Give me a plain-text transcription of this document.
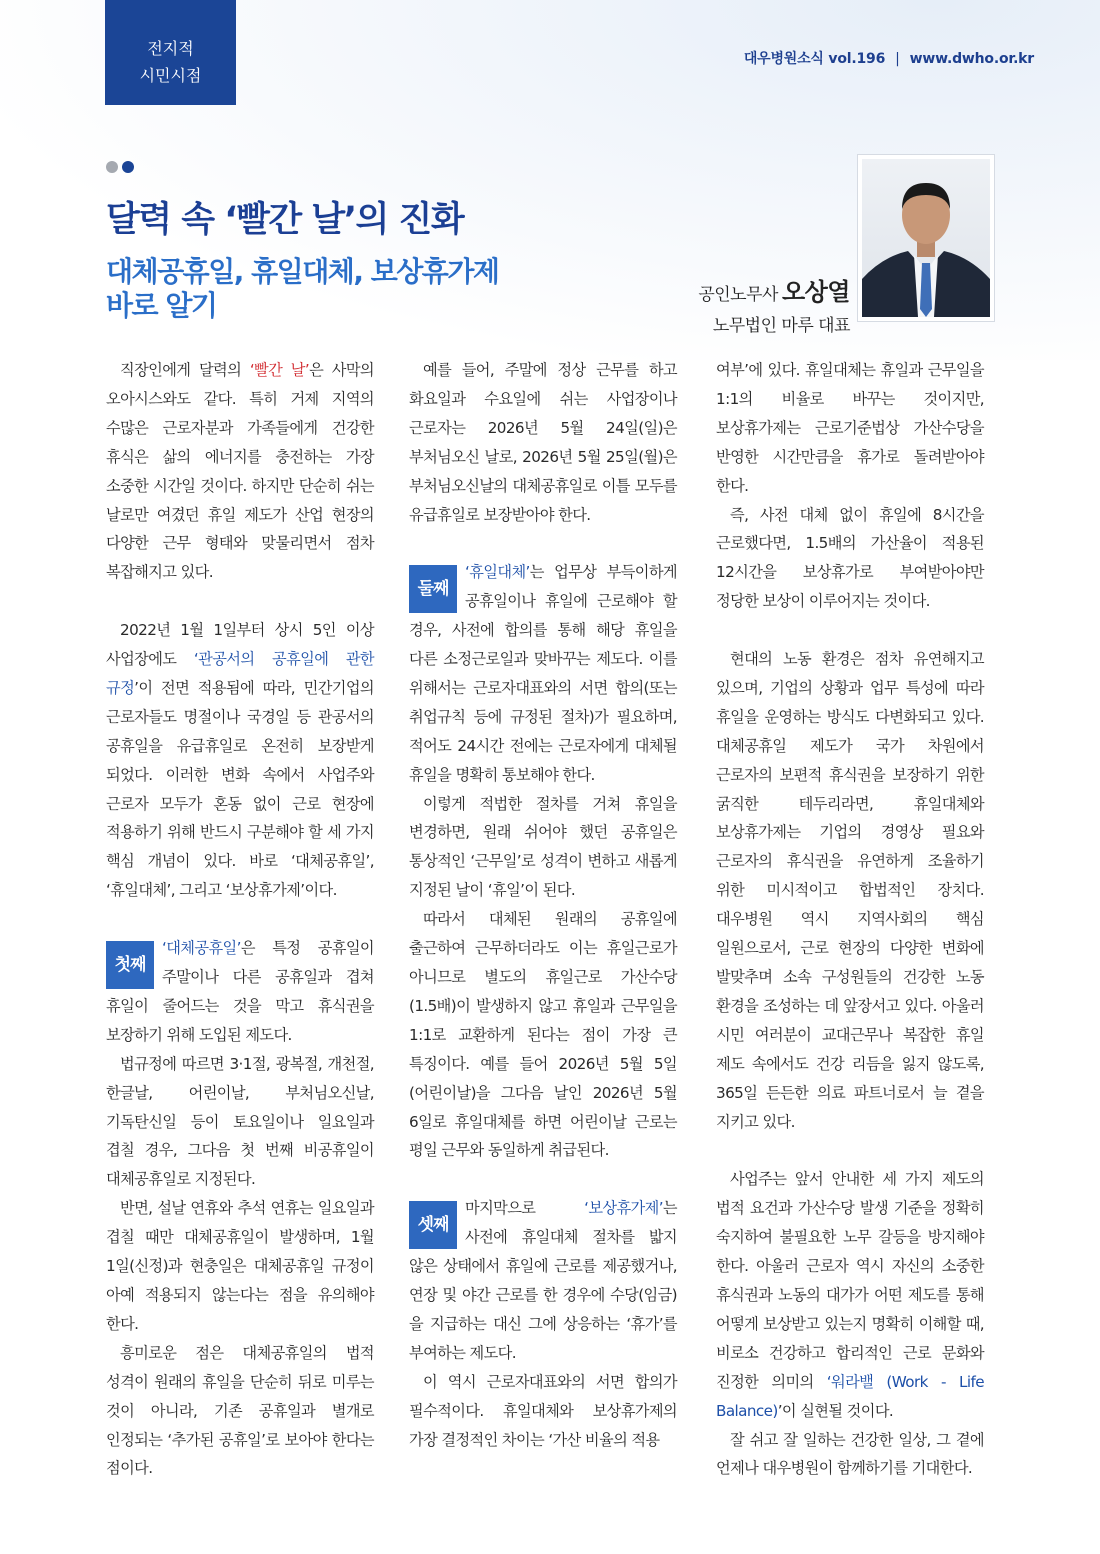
전지적
시민시점
대우병원소식 vol.196 | www.dwho.or.kr
달력 속 ‘빨간 날’의 진화
대체공휴일, 휴일대체, 보상휴가제
바로 알기	공인노무사 오상열
노무법인 마루 대표

직장인에게 달력의 ‘빨간 날’은 사막의 오아시스와도 같다. 특히 거제 지역의 수많은 근로자분과 가족들에게 건강한 휴식은 삶의 에너지를 충전하는 가장 소중한 시간일 것이다. 하지만 단순히 쉬는 날로만 여겼던 휴일 제도가 산업 현장의 다양한 근무 형태와 맞물리면서 점차 복잡해지고 있다.

2022년 1월 1일부터 상시 5인 이상 사업장에도 ‘관공서의 공휴일에 관한 규정’이 전면 적용됨에 따라, 민간기업의 근로자들도 명절이나 국경일 등 관공서의 공휴일을 유급휴일로 온전히 보장받게 되었다. 이러한 변화 속에서 사업주와 근로자 모두가 혼동 없이 근로 현장에 적용하기 위해 반드시 구분해야 할 세 가지 핵심 개념이 있다. 바로 ‘대체공휴일’, ‘휴일대체’, 그리고 ‘보상휴가제’이다.

첫째

‘대체공휴일’은 특정 공휴일이 주말이나 다른 공휴일과 겹쳐 휴일이 줄어드는 것을 막고 휴식권을 보장하기 위해 도입된 제도다.

법규정에 따르면 3·1절, 광복절, 개천절, 한글날, 어린이날, 부처님오신날, 기독탄신일 등이 토요일이나 일요일과 겹칠 경우, 그다음 첫 번째 비공휴일이 대체공휴일로 지정된다.

반면, 설날 연휴와 추석 연휴는 일요일과 겹칠 때만 대체공휴일이 발생하며, 1월 1일(신정)과 현충일은 대체공휴일 규정이 아예 적용되지 않는다는 점을 유의해야 한다.

흥미로운 점은 대체공휴일의 법적 성격이 원래의 휴일을 단순히 뒤로 미루는 것이 아니라, 기존 공휴일과 별개로 인정되는 ‘추가된 공휴일’로 보아야 한다는 점이다.

예를 들어, 주말에 정상 근무를 하고 화요일과 수요일에 쉬는 사업장이나 근로자는 2026년 5월 24일(일)은 부처님오신 날로, 2026년 5월 25일(월)은 부처님오신날의 대체공휴일로 이틀 모두를 유급휴일로 보장받아야 한다.

둘째

‘휴일대체’는 업무상 부득이하게 공휴일이나 휴일에 근로해야 할 경우, 사전에 합의를 통해 해당 휴일을 다른 소정근로일과 맞바꾸는 제도다. 이를 위해서는 근로자대표와의 서면 합의(또는 취업규칙 등에 규정된 절차)가 필요하며, 적어도 24시간 전에는 근로자에게 대체될 휴일을 명확히 통보해야 한다.

이렇게 적법한 절차를 거쳐 휴일을 변경하면, 원래 쉬어야 했던 공휴일은 통상적인 ‘근무일’로 성격이 변하고 새롭게 지정된 날이 ‘휴일’이 된다.

따라서 대체된 원래의 공휴일에 출근하여 근무하더라도 이는 휴일근로가 아니므로 별도의 휴일근로 가산수당(1.5배)이 발생하지 않고 휴일과 근무일을 1:1로 교환하게 된다는 점이 가장 큰 특징이다. 예를 들어 2026년 5월 5일 (어린이날)을 그다음 날인 2026년 5월 6일로 휴일대체를 하면 어린이날 근로는 평일 근무와 동일하게 취급된다.

셋째

마지막으로 ‘보상휴가제’는 사전에 휴일대체 절차를 밟지 않은 상태에서 휴일에 근로를 제공했거나, 연장 및 야간 근로를 한 경우에 수당(임금)을 지급하는 대신 그에 상응하는 ‘휴가’를 부여하는 제도다.

이 역시 근로자대표와의 서면 합의가 필수적이다. 휴일대체와 보상휴가제의 가장 결정적인 차이는 ‘가산 비율의 적용

여부’에 있다. 휴일대체는 휴일과 근무일을 1:1의 비율로 바꾸는 것이지만, 보상휴가제는 근로기준법상 가산수당을 반영한 시간만큼을 휴가로 돌려받아야 한다.

즉, 사전 대체 없이 휴일에 8시간을 근로했다면, 1.5배의 가산율이 적용된 12시간을 보상휴가로 부여받아야만 정당한 보상이 이루어지는 것이다.

현대의 노동 환경은 점차 유연해지고 있으며, 기업의 상황과 업무 특성에 따라 휴일을 운영하는 방식도 다변화되고 있다. 대체공휴일 제도가 국가 차원에서 근로자의 보편적 휴식권을 보장하기 위한 굵직한 테두리라면, 휴일대체와 보상휴가제는 기업의 경영상 필요와 근로자의 휴식권을 유연하게 조율하기 위한 미시적이고 합법적인 장치다. 대우병원 역시 지역사회의 핵심 일원으로서, 근로 현장의 다양한 변화에 발맞추며 소속 구성원들의 건강한 노동 환경을 조성하는 데 앞장서고 있다. 아울러 시민 여러분이 교대근무나 복잡한 휴일 제도 속에서도 건강 리듬을 잃지 않도록, 365일 든든한 의료 파트너로서 늘 곁을 지키고 있다.

사업주는 앞서 안내한 세 가지 제도의 법적 요건과 가산수당 발생 기준을 정확히 숙지하여 불필요한 노무 갈등을 방지해야 한다. 아울러 근로자 역시 자신의 소중한 휴식권과 노동의 대가가 어떤 제도를 통해 어떻게 보상받고 있는지 명확히 이해할 때, 비로소 건강하고 합리적인 근로 문화와 진정한 의미의 ‘워라밸 (Work - Life Balance)’이 실현될 것이다.

잘 쉬고 잘 일하는 건강한 일상, 그 곁에 언제나 대우병원이 함께하기를 기대한다.
